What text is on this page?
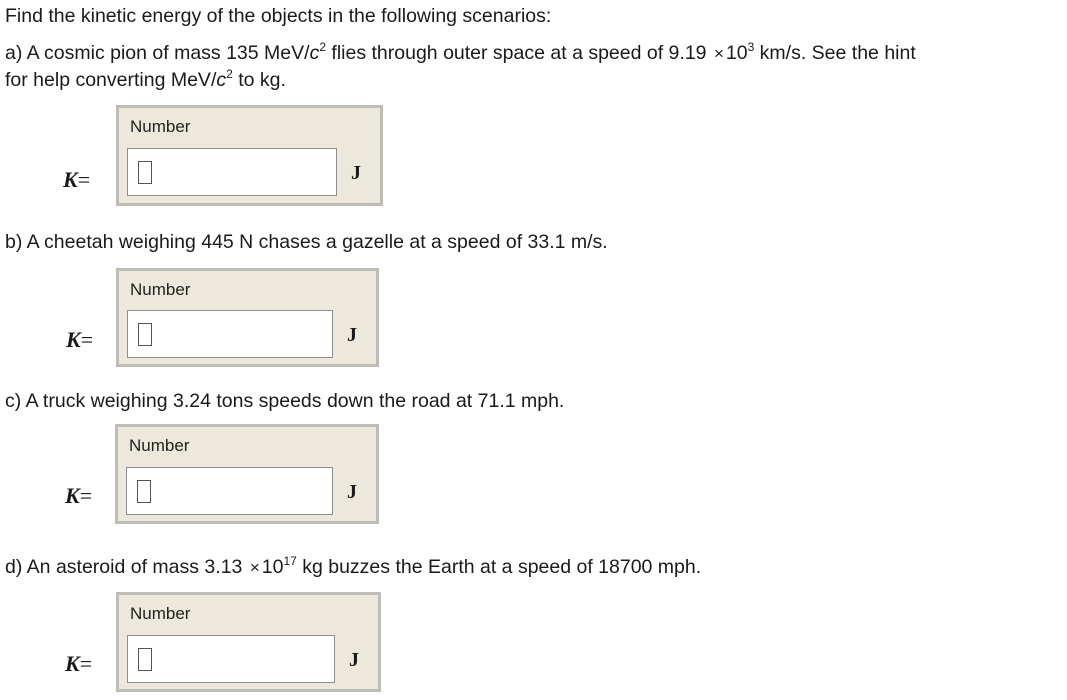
Find the kinetic energy of the objects in the following scenarios:
a) A cosmic pion of mass 135 MeV/$c^2$ flies through outer space at a speed of $9.19 \times 10^3$ km/s. See the hint
for help converting MeV/$c^2$ to kg.
K=
Number
J
b) A cheetah weighing 445 N chases a gazelle at a speed of 33.1 m/s.
K=
Number
J
c) A truck weighing 3.24 tons speeds down the road at 71.1 mph.
K=
Number
J
d) An asteroid of mass $3.13 \times 10^{17}$ kg buzzes the Earth at a speed of 18700 mph.
K=
Number
J
